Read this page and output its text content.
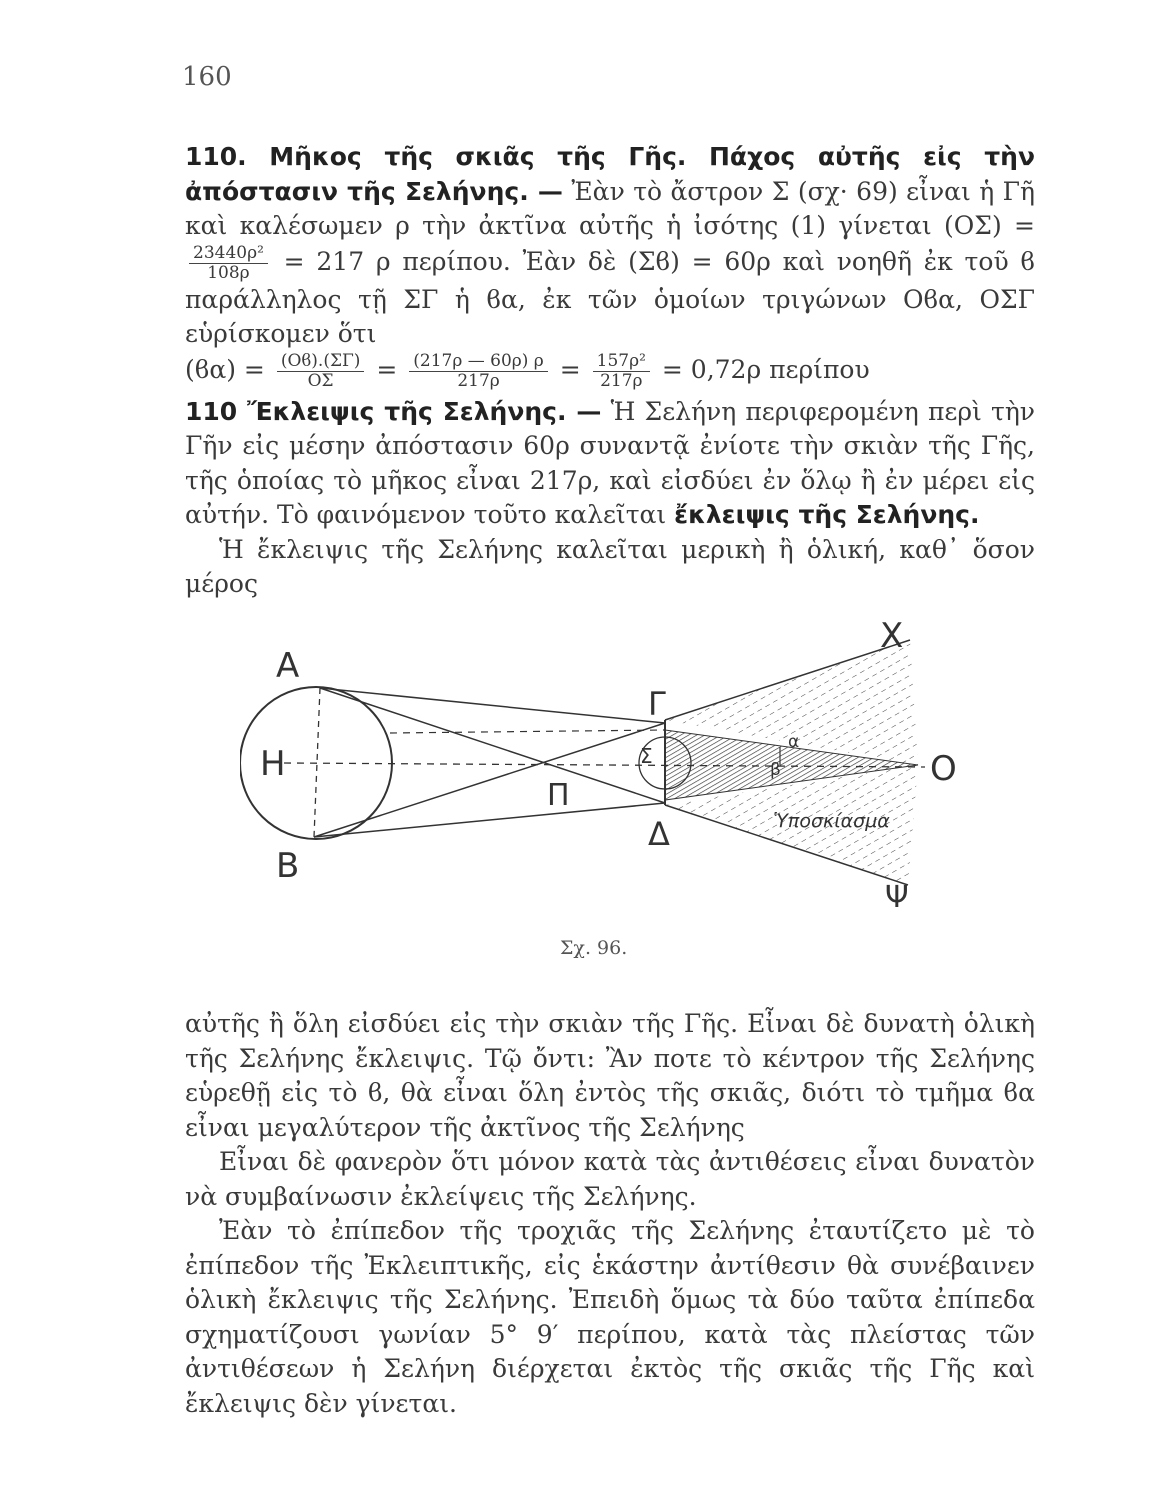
160

110. Μῆκος τῆς σκιᾶς τῆς Γῆς. Πάχος αὐτῆς εἰς τὴν ἀπόστασιν τῆς Σελήνης. — Ἐὰν τὸ ἄστρον Σ (σχ· 69) εἶναι ἡ Γῆ καὶ καλέσωμεν ρ τὴν ἀκτῖνα αὐτῆς ἡ ἰσότης (1) γίνεται (ΟΣ) =
$\frac{\text{23440ρ²}}{108\rho} = 217$ ρ περίπου. Ἐὰν δὲ (Σϐ) = 60ρ καὶ νοηθῆ ἐκ τοῦ ϐ παράλληλος τῇ ΣΓ ἡ ϐα, ἐκ τῶν ὁμοίων τριγώνων Οϐα, ΟΣΓ εὑρίσκομεν ὅτι

$(ϐ\alpha) = \frac{(Oϐ).(\Sigma\Gamma)}{O\Sigma} = \frac{(217\rho — 60\rho) \rho}{217\rho} = \frac{\text{157ρ²}}{217\rho} = 0,72\rho$ περίπου

110 Ἔκλειψις τῆς Σελήνης. — Ἡ Σελήνη περιφερομένη περὶ τὴν Γῆν εἰς μέσην ἀπόστασιν 60ρ συναντᾷ ἐνίοτε τὴν σκιὰν τῆς Γῆς, τῆς ὁποίας τὸ μῆκος εἶναι 217ρ, καὶ εἰσδύει ἐν ὅλῳ ἢ ἐν μέρει εἰς αὐτήν. Τὸ φαινόμενον τοῦτο καλεῖται ἔκλειψις τῆς Σελήνης.

Ἡ ἔκλειψις τῆς Σελήνης καλεῖται μερικὴ ἢ ὁλική, καθ᾽ ὅσον μέρος

A
H
B
Γ
Σ
Π
Δ
X
O
Ψ
α
β
Ὑποσκίασμα
Σχ. 96.

αὐτῆς ἢ ὅλη εἰσδύει εἰς τὴν σκιὰν τῆς Γῆς. Εἶναι δὲ δυνατὴ ὁλικὴ τῆς Σελήνης ἔκλειψις. Τῷ ὄντι: Ἂν ποτε τὸ κέντρον τῆς Σελήνης εὑρεθῇ εἰς τὸ ϐ, θὰ εἶναι ὅλη ἐντὸς τῆς σκιᾶς, διότι τὸ τμῆμα ϐα εἶναι μεγαλύτερον τῆς ἀκτῖνος τῆς Σελήνης

Εἶναι δὲ φανερὸν ὅτι μόνον κατὰ τὰς ἀντιθέσεις εἶναι δυνατὸν νὰ συμβαίνωσιν ἐκλείψεις τῆς Σελήνης.

Ἐὰν τὸ ἐπίπεδον τῆς τροχιᾶς τῆς Σελήνης ἐταυτίζετο μὲ τὸ ἐπίπεδον τῆς Ἐκλειπτικῆς, εἰς ἑκάστην ἀντίθεσιν θὰ συνέβαινεν ὁλικὴ ἔκλειψις τῆς Σελήνης. Ἐπειδὴ ὅμως τὰ δύο ταῦτα ἐπίπεδα σχηματίζουσι γωνίαν 5° 9′ περίπου, κατὰ τὰς πλείστας τῶν ἀντιθέσεων ἡ Σελήνη διέρχεται ἐκτὸς τῆς σκιᾶς τῆς Γῆς καὶ ἔκλειψις δὲν γίνεται.
